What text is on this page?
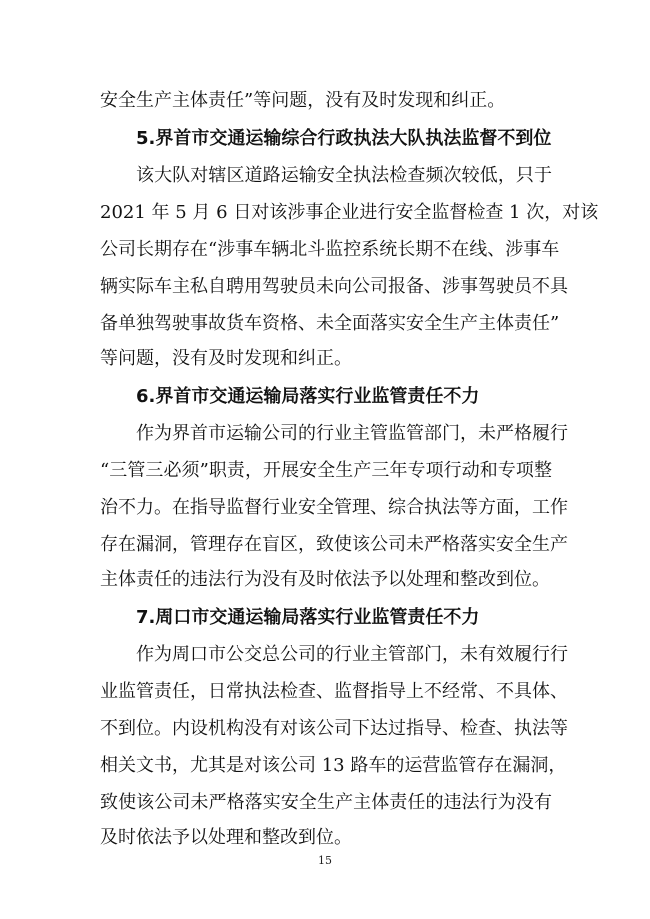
安全生产主体责任”等问题，没有及时发现和纠正。
5.界首市交通运输综合行政执法大队执法监督不到位
该大队对辖区道路运输安全执法检查频次较低，只于
2021 年 5 月 6 日对该涉事企业进行安全监督检查 1 次，对该
公司长期存在“涉事车辆北斗监控系统长期不在线、涉事车
辆实际车主私自聘用驾驶员未向公司报备、涉事驾驶员不具
备单独驾驶事故货车资格、未全面落实安全生产主体责任”
等问题，没有及时发现和纠正。
6.界首市交通运输局落实行业监管责任不力
作为界首市运输公司的行业主管监管部门，未严格履行
“三管三必须”职责，开展安全生产三年专项行动和专项整
治不力。在指导监督行业安全管理、综合执法等方面，工作
存在漏洞，管理存在盲区，致使该公司未严格落实安全生产
主体责任的违法行为没有及时依法予以处理和整改到位。
7.周口市交通运输局落实行业监管责任不力
作为周口市公交总公司的行业主管部门，未有效履行行
业监管责任，日常执法检查、监督指导上不经常、不具体、
不到位。内设机构没有对该公司下达过指导、检查、执法等
相关文书，尤其是对该公司 13 路车的运营监管存在漏洞，
致使该公司未严格落实安全生产主体责任的违法行为没有
及时依法予以处理和整改到位。
15
